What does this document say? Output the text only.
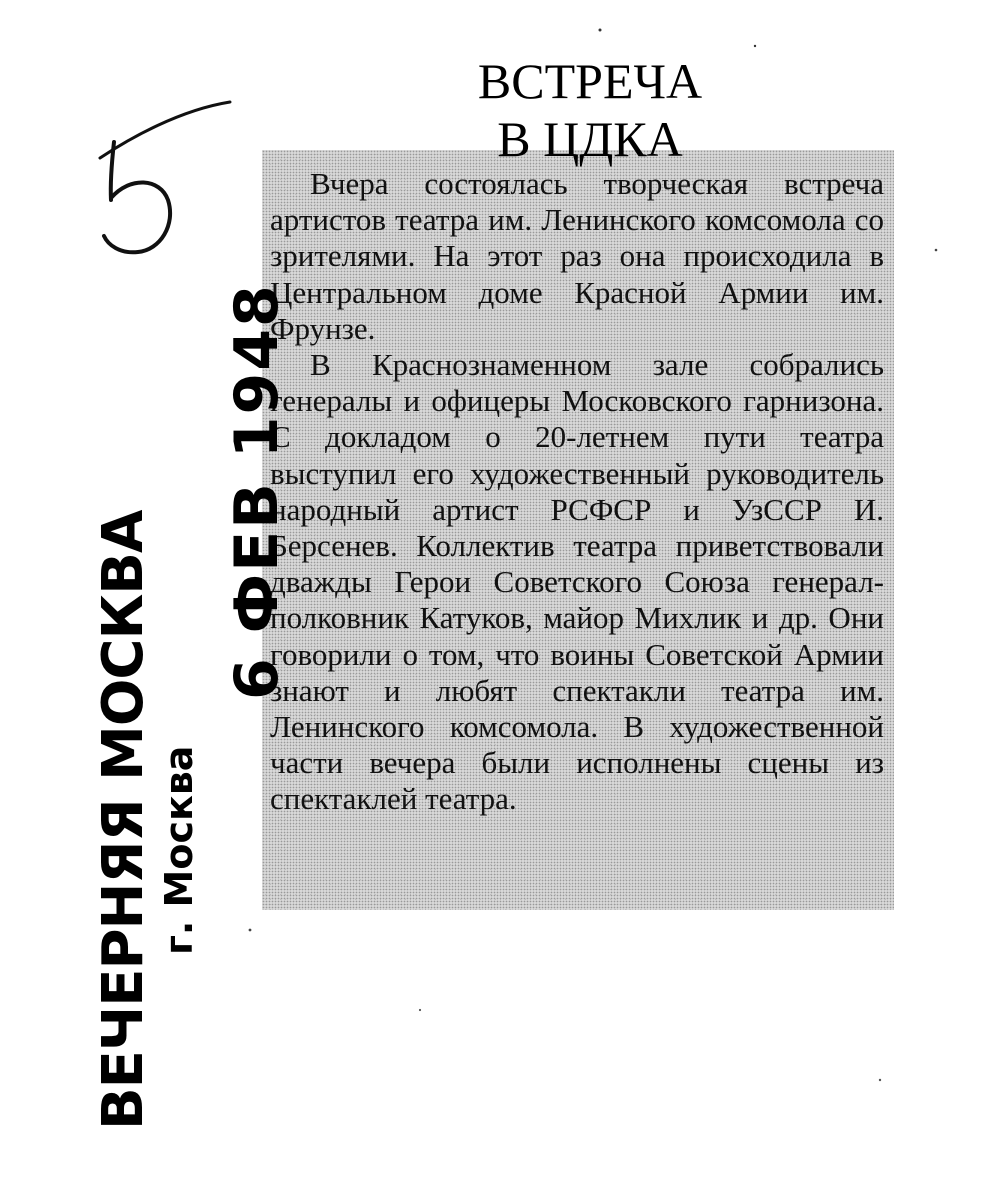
ВСТРЕЧА
В ЦДКА

Вчера состоялась творческая встреча артистов театра им. Ленинского комсомола со зрителями. На этот раз она происходила в Центральном доме Красной Армии им. Фрунзе.

В Краснознаменном зале собрались генералы и офицеры Московского гарнизона. С докладом о 20-летнем пути театра выступил его художественный руководитель народный артист РСФСР и УзССР И. Берсенев. Коллектив театра приветствовали дважды Герои Советского Союза генерал-полковник Катуков, майор Михлик и др. Они говорили о том, что воины Советской Армии знают и любят спектакли театра им. Ленинского комсомола. В художественной части вечера были исполнены сцены из спектаклей театра.

ВЕЧЕРНЯЯ МОСКВА г. Москва
6 ФЕВ 1948
